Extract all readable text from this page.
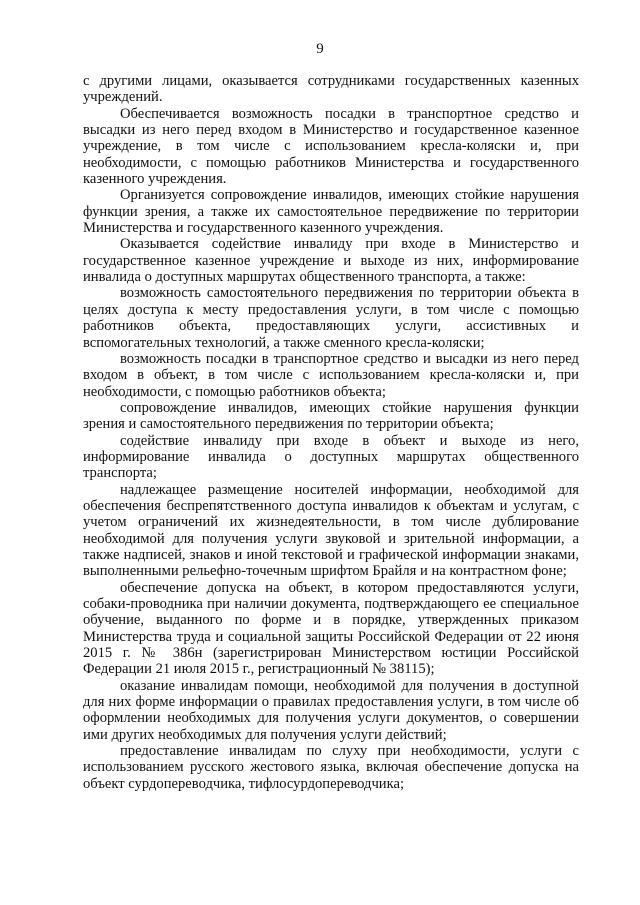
9

с другими лицами, оказывается сотрудниками государственных казенных учреждений.

Обеспечивается возможность посадки в транспортное средство и высадки из него перед входом в Министерство и государственное казенное учреждение, в том числе с использованием кресла-коляски и, при необходимости, с помощью работников Министерства и государственного казенного учреждения.

Организуется сопровождение инвалидов, имеющих стойкие нарушения функции зрения, а также их самостоятельное передвижение по территории Министерства и государственного казенного учреждения.

Оказывается содействие инвалиду при входе в Министерство и государственное казенное учреждение и выходе из них, информирование инвалида о доступных маршрутах общественного транспорта, а также:

возможность самостоятельного передвижения по территории объекта в целях доступа к месту предоставления услуги, в том числе с помощью работников объекта, предоставляющих услуги, ассистивных и вспомогательных технологий, а также сменного кресла-коляски;

возможность посадки в транспортное средство и высадки из него перед входом в объект, в том числе с использованием кресла-коляски и, при необходимости, с помощью работников объекта;

сопровождение инвалидов, имеющих стойкие нарушения функции зрения и самостоятельного передвижения по территории объекта;

содействие инвалиду при входе в объект и выходе из него, информирование инвалида о доступных маршрутах общественного транспорта;

надлежащее размещение носителей информации, необходимой для обеспечения беспрепятственного доступа инвалидов к объектам и услугам, с учетом ограничений их жизнедеятельности, в том числе дублирование необходимой для получения услуги звуковой и зрительной информации, а также надписей, знаков и иной текстовой и графической информации знаками, выполненными рельефно-точечным шрифтом Брайля и на контрастном фоне;

обеспечение допуска на объект, в котором предоставляются услуги, собаки-проводника при наличии документа, подтверждающего ее специальное обучение, выданного по форме и в порядке, утвержденных приказом Министерства труда и социальной защиты Российской Федерации от 22 июня 2015 г. № 386н (зарегистрирован Министерством юстиции Российской Федерации 21 июля 2015 г., регистрационный № 38115);

оказание инвалидам помощи, необходимой для получения в доступной для них форме информации о правилах предоставления услуги, в том числе об оформлении необходимых для получения услуги документов, о совершении ими других необходимых для получения услуги действий;

предоставление инвалидам по слуху при необходимости, услуги с использованием русского жестового языка, включая обеспечение допуска на объект сурдопереводчика, тифлосурдопереводчика;
